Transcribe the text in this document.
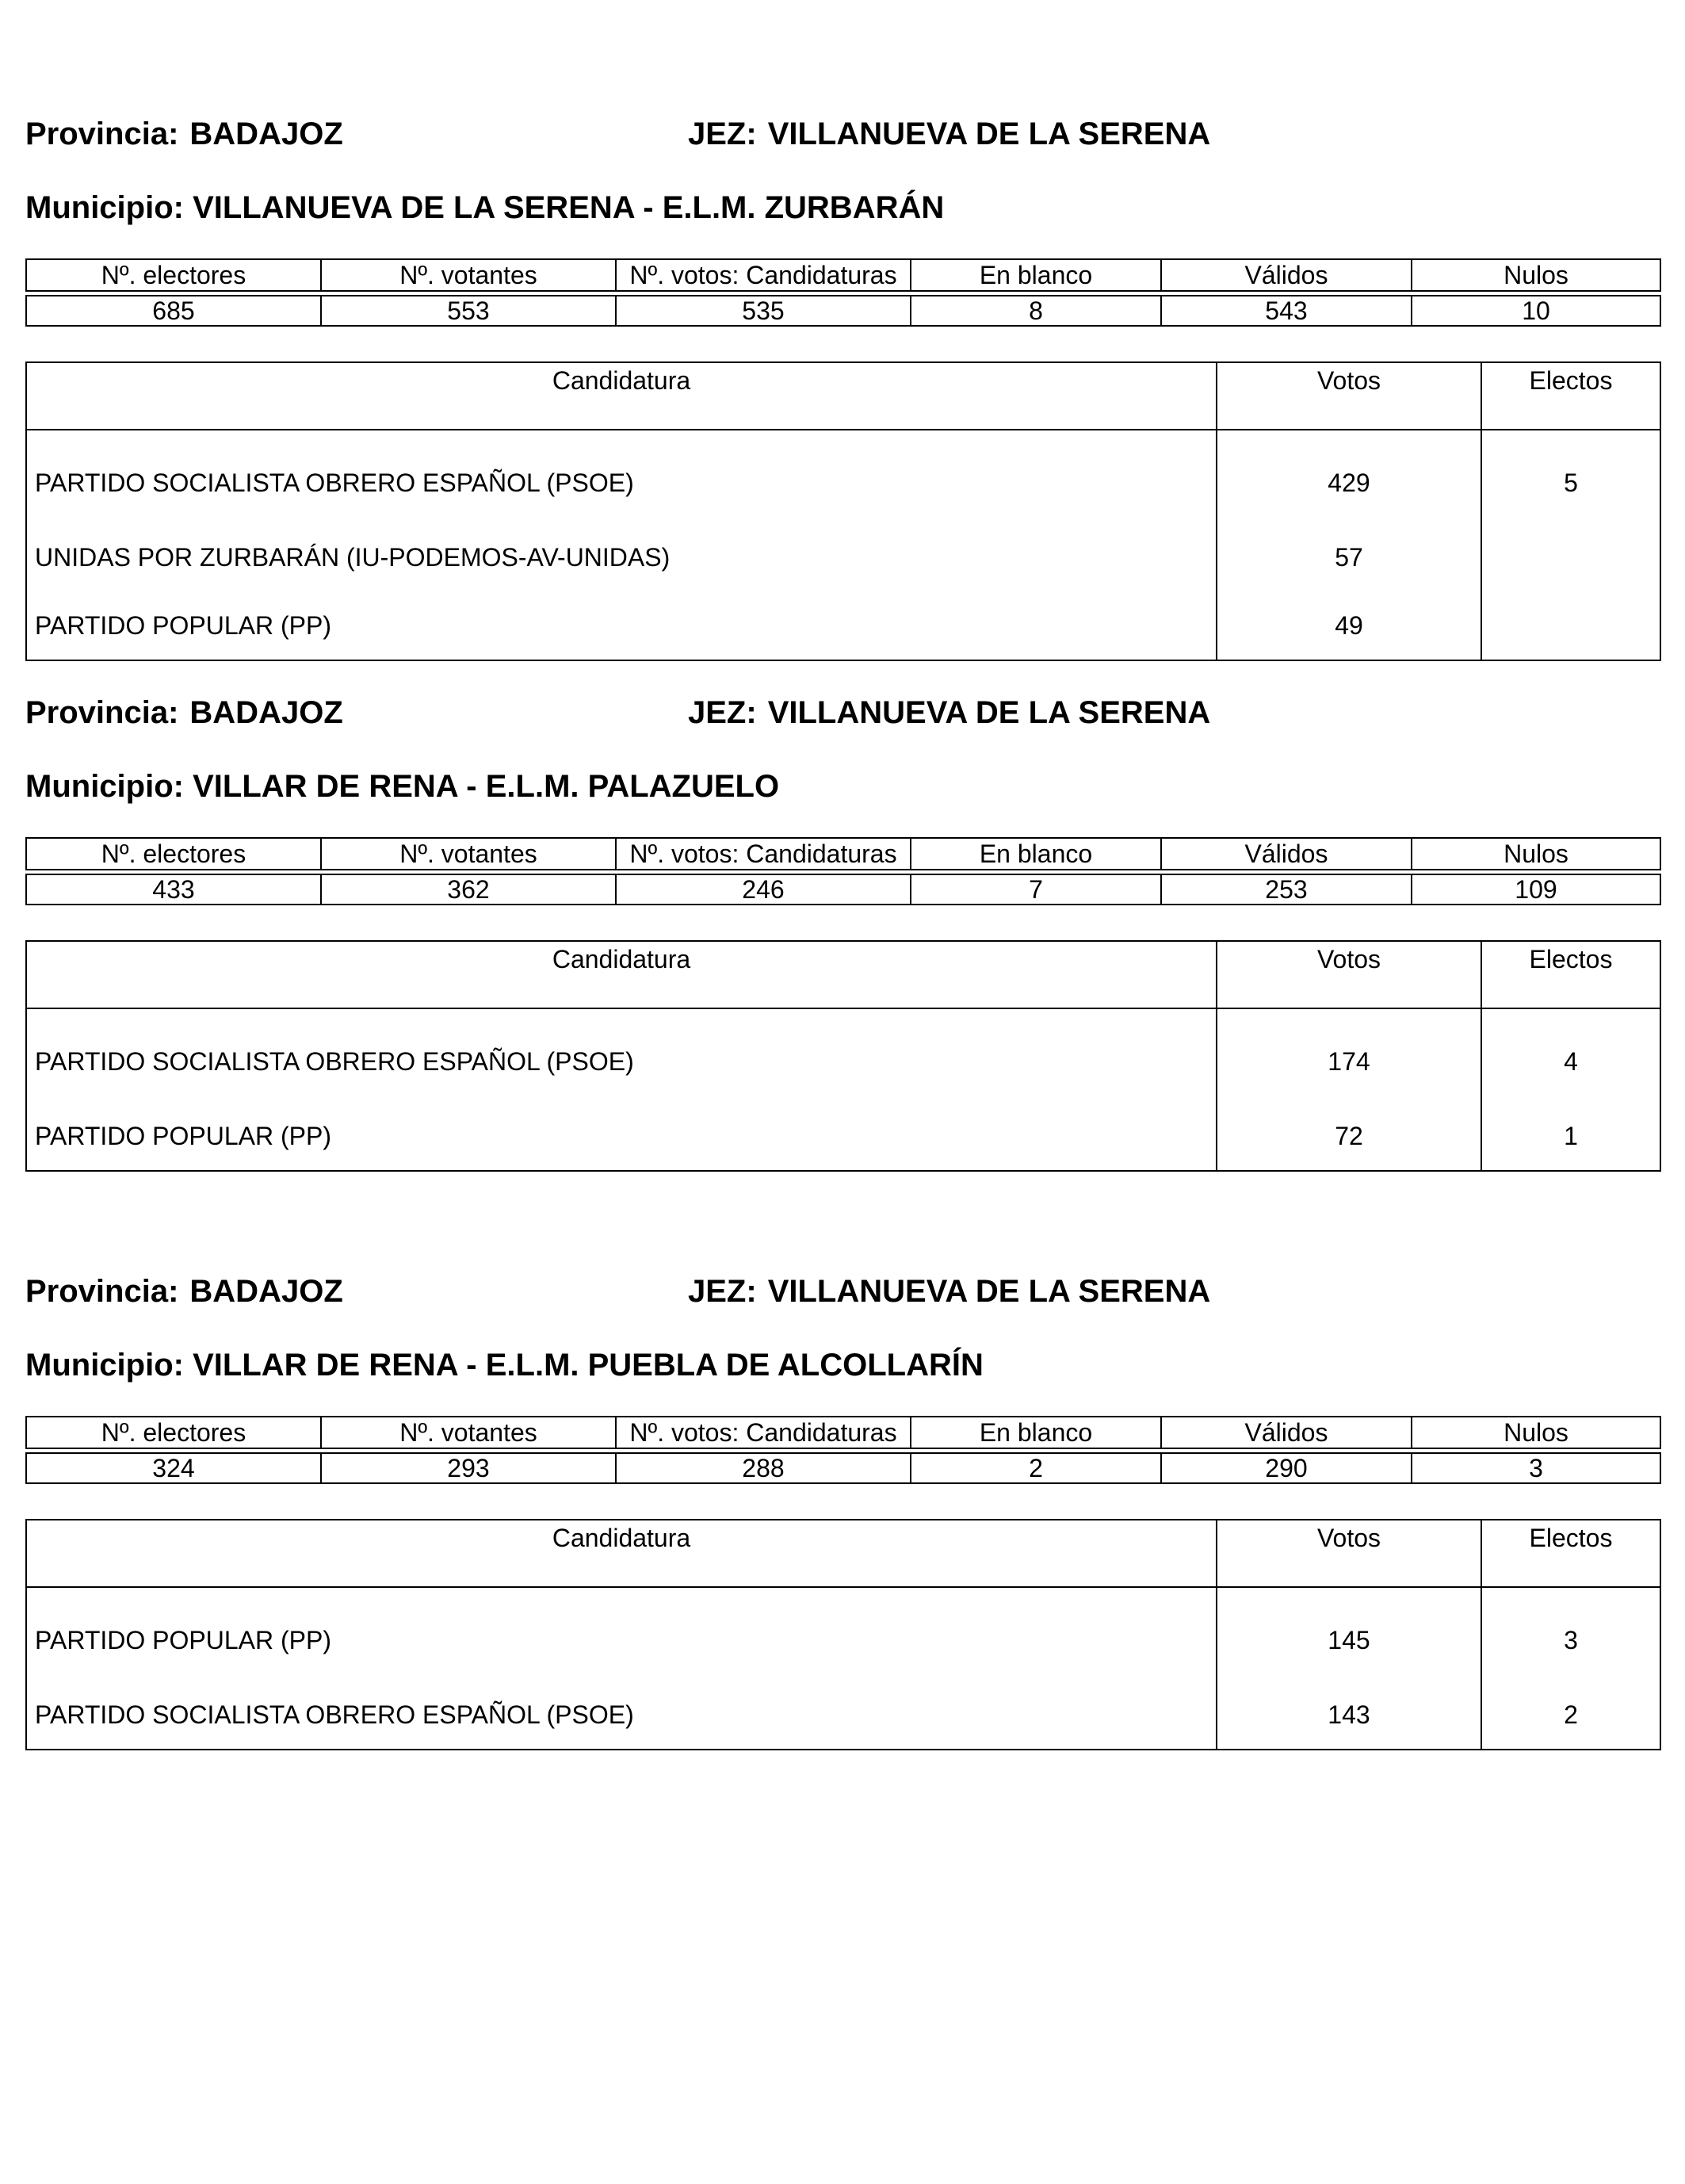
Provincia: BADAJOZ	JEZ: VILLANUEVA DE LA SERENA
Municipio: VILLANUEVA DE LA SERENA - E.L.M. ZURBARÁN
Nº. electores	Nº. votantes	Nº. votos: Candidaturas	En blanco	Válidos	Nulos

685	553	535	8	543	10
Candidatura	Votos	Electos
PARTIDO SOCIALISTA OBRERO ESPAÑOL (PSOE)	429	5
UNIDAS POR ZURBARÁN (IU-PODEMOS-AV-UNIDAS)	57	
PARTIDO POPULAR (PP)	49	
Provincia: BADAJOZ	JEZ: VILLANUEVA DE LA SERENA
Municipio: VILLAR DE RENA - E.L.M. PALAZUELO
Nº. electores	Nº. votantes	Nº. votos: Candidaturas	En blanco	Válidos	Nulos

433	362	246	7	253	109
Candidatura	Votos	Electos
PARTIDO SOCIALISTA OBRERO ESPAÑOL (PSOE)	174	4
PARTIDO POPULAR (PP)	72	1
Provincia: BADAJOZ	JEZ: VILLANUEVA DE LA SERENA
Municipio: VILLAR DE RENA - E.L.M. PUEBLA DE ALCOLLARÍN
Nº. electores	Nº. votantes	Nº. votos: Candidaturas	En blanco	Válidos	Nulos

324	293	288	2	290	3
Candidatura	Votos	Electos
PARTIDO POPULAR (PP)	145	3
PARTIDO SOCIALISTA OBRERO ESPAÑOL (PSOE)	143	2
